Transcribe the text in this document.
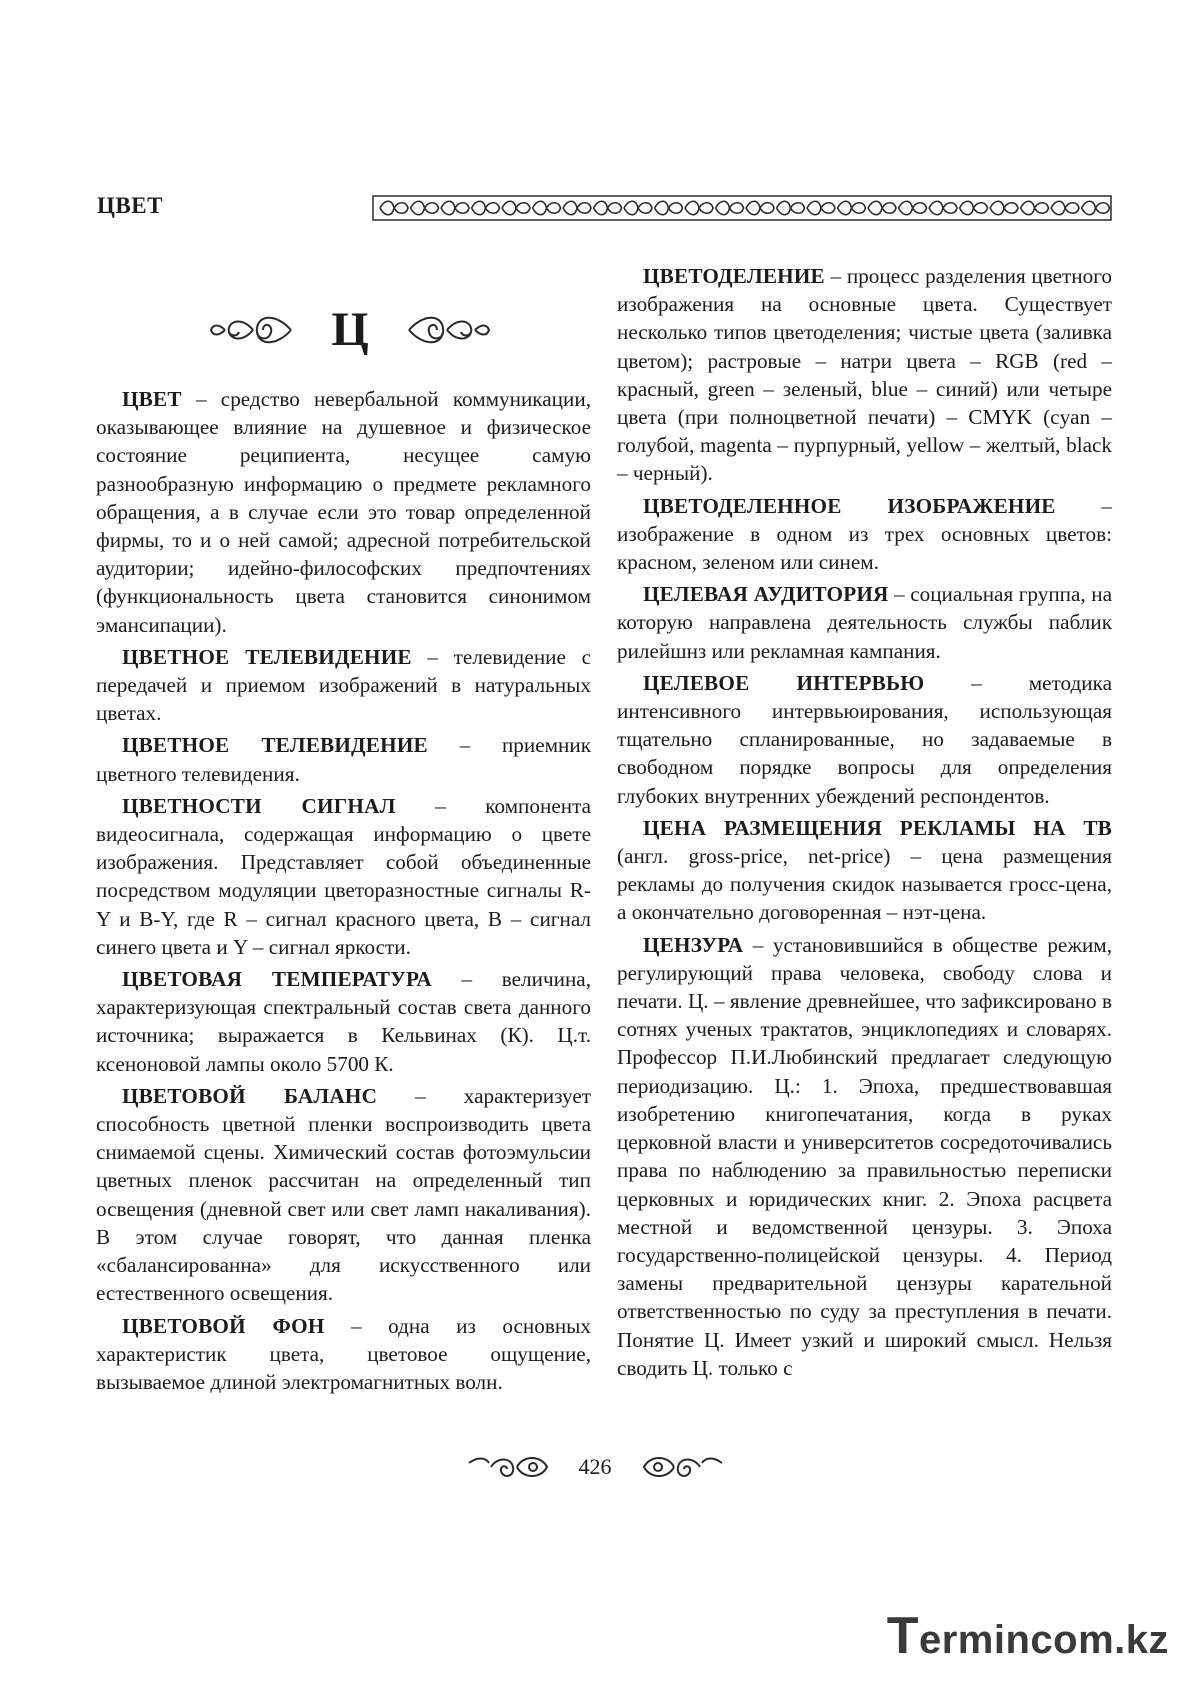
ЦВЕТ
Ц

ЦВЕТ – средство невербальной коммуникации, оказывающее влияние на душевное и физическое состояние реципиента, несущее самую разнообразную информацию о предмете рекламного обращения, а в случае если это товар определенной фирмы, то и о ней самой; адресной потребительской аудитории; идейно-философских предпочтениях (функциональность цвета становится синонимом эмансипации).

ЦВЕТНОЕ ТЕЛЕВИДЕНИЕ – телевидение с передачей и приемом изображений в натуральных цветах.

ЦВЕТНОЕ ТЕЛЕВИДЕНИЕ – приемник цветного телевидения.

ЦВЕТНОСТИ СИГНАЛ – компонента видеосигнала, содержащая информацию о цвете изображения. Представляет собой объединенные посредством модуляции цветоразностные сигналы R-Y и B-Y, где R – сигнал красного цвета, B – сигнал синего цвета и Y – сигнал яркости.

ЦВЕТОВАЯ ТЕМПЕРАТУРА – величина, характеризующая спектральный состав света данного источника; выражается в Кельвинах (К). Ц.т. ксеноновой лампы около 5700 К.

ЦВЕТОВОЙ БАЛАНС – характеризует способность цветной пленки воспроизводить цвета снимаемой сцены. Химический состав фотоэмульсии цветных пленок рассчитан на определенный тип освещения (дневной свет или свет ламп накаливания). В этом случае говорят, что данная пленка «сбалансированна» для искусственного или естественного освещения.

ЦВЕТОВОЙ ФОН – одна из основных характеристик цвета, цветовое ощущение, вызываемое длиной электромагнитных волн.

ЦВЕТОДЕЛЕНИЕ – процесс разделения цветного изображения на основные цвета. Существует несколько типов цветоделения; чистые цвета (заливка цветом); растровые – натри цвета – RGB (red – красный, green – зеленый, blue – синий) или четыре цвета (при полноцветной печати) – CMYK (cyan – голубой, magenta – пурпурный, yellow – желтый, black – черный).

ЦВЕТОДЕЛЕННОЕ ИЗОБРАЖЕНИЕ – изображение в одном из трех основных цветов: красном, зеленом или синем.

ЦЕЛЕВАЯ АУДИТОРИЯ – социальная группа, на которую направлена деятельность службы паблик рилейшнз или рекламная кампания.

ЦЕЛЕВОЕ ИНТЕРВЬЮ – методика интенсивного интервьюирования, использующая тщательно спланированные, но задаваемые в свободном порядке вопросы для определения глубоких внутренних убеждений респондентов.

ЦЕНА РАЗМЕЩЕНИЯ РЕКЛАМЫ НА ТВ (англ. gross-price, net-price) – цена размещения рекламы до получения скидок называется гросс-цена, а окончательно договоренная – нэт-цена.

ЦЕНЗУРА – установившийся в обществе режим, регулирующий права человека, свободу слова и печати. Ц. – явление древнейшее, что зафиксировано в сотнях ученых трактатов, энциклопедиях и словарях. Профессор П.И.Любинский предлагает следующую периодизацию. Ц.: 1. Эпоха, предшествовавшая изобретению книгопечатания, когда в руках церковной власти и университетов сосредоточивались права по наблюдению за правильностью переписки церковных и юридических книг. 2. Эпоха расцвета местной и ведомственной цензуры. 3. Эпоха государственно-полицейской цензуры. 4. Период замены предварительной цензуры карательной ответственностью по суду за преступления в печати. Понятие Ц. Имеет узкий и широкий смысл. Нельзя сводить Ц. только с

426
Termincom.kz
